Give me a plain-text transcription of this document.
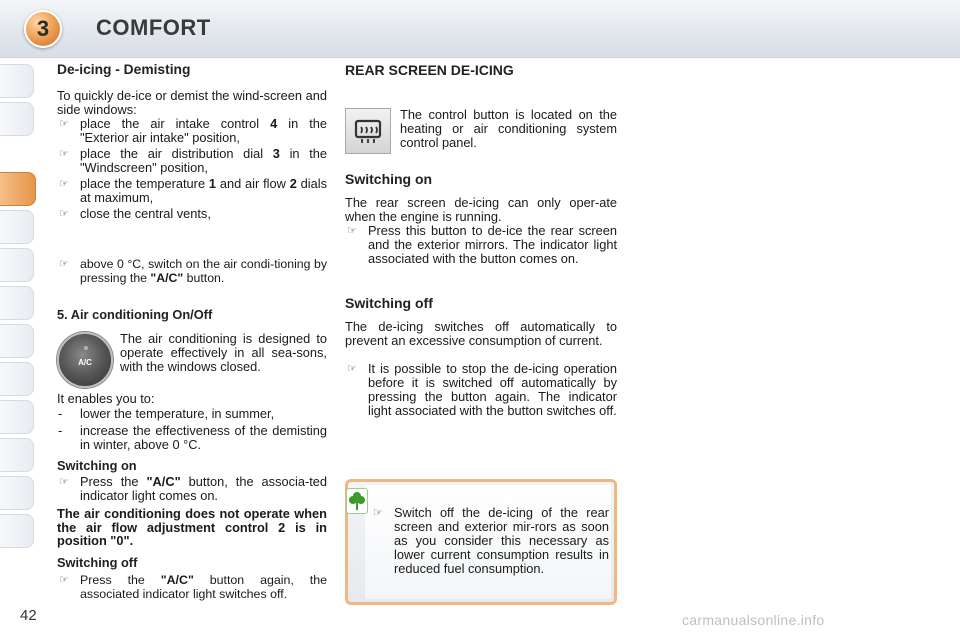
3	COMFORT
De-icing - Demisting

To quickly de-ice or demist the wind-screen and side windows:

☞ place the air intake control 4 in the "Exterior air intake" position,
☞ place the air distribution dial 3 in the "Windscreen" position,
☞ place the temperature 1 and air flow 2 dials at maximum,
☞ close the central vents,
☞ above 0 °C, switch on the air condi-tioning by pressing the "A/C" button.
5. Air conditioning On/Off
A/C

The air conditioning is designed to operate effectively in all sea-sons, with the windows closed.

It enables you to:

- lower the temperature, in summer,
- increase the effectiveness of the demisting in winter, above 0 °C.
Switching on
☞ Press the "A/C" button, the associa-ted indicator light comes on.

The air conditioning does not operate when the air flow adjustment control 2 is in position "0".

Switching off
☞ Press the "A/C" button again, the associated indicator light switches off.
REAR SCREEN DE-ICING

The control button is located on the heating or air conditioning system control panel.

Switching on

The rear screen de-icing can only oper-ate when the engine is running.

☞ Press this button to de-ice the rear screen and the exterior mirrors. The indicator light associated with the button comes on.
Switching off

The de-icing switches off automatically to prevent an excessive consumption of current.

☞ It is possible to stop the de-icing operation before it is switched off automatically by pressing the button again. The indicator light associated with the button switches off.
☞ Switch off the de-icing of the rear screen and exterior mir-rors as soon as you consider this necessary as lower current consumption results in reduced fuel consumption.
42	carmanualsonline.info
